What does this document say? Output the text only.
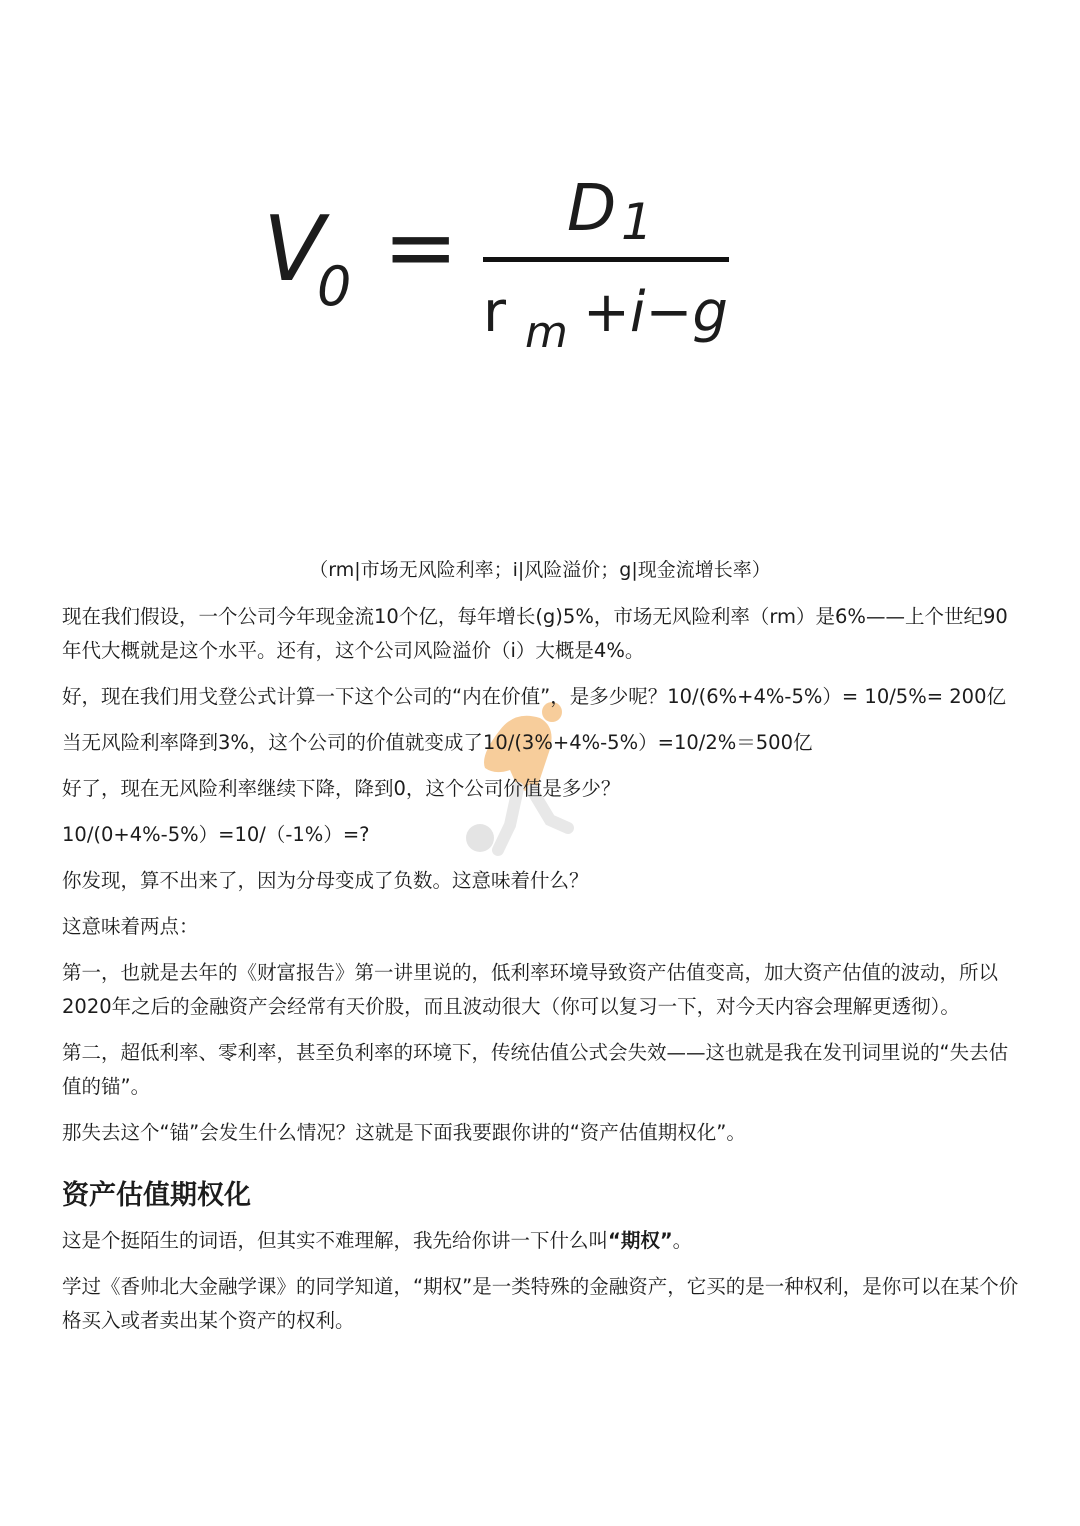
V
0 = D 1
r m +i−g
（rm|市场无风险利率；i|风险溢价；g|现金流增长率）

现在我们假设，一个公司今年现金流10个亿，每年增长(g)5%，市场无风险利率（rm）是6%——上个世纪90年代大概就是这个水平。还有，这个公司风险溢价（i）大概是4%。

好，现在我们用戈登公式计算一下这个公司的“内在价值”，是多少呢？10/(6%+4%-5%）= 10/5%= 200亿

当无风险利率降到3%，这个公司的价值就变成了10/(3%+4%-5%）=10/2%＝500亿

好了，现在无风险利率继续下降，降到0，这个公司价值是多少？

10/(0+4%-5%）=10/（-1%）=?

你发现，算不出来了，因为分母变成了负数。这意味着什么？

这意味着两点：

第一，也就是去年的《财富报告》第一讲里说的，低利率环境导致资产估值变高，加大资产估值的波动，所以2020年之后的金融资产会经常有天价股，而且波动很大（你可以复习一下，对今天内容会理解更透彻）。

第二，超低利率、零利率，甚至负利率的环境下，传统估值公式会失效——这也就是我在发刊词里说的“失去估值的锚”。

那失去这个“锚”会发生什么情况？这就是下面我要跟你讲的“资产估值期权化”。

资产估值期权化

这是个挺陌生的词语，但其实不难理解，我先给你讲一下什么叫“期权”。

学过《香帅北大金融学课》的同学知道，“期权”是一类特殊的金融资产，它买的是一种权利，是你可以在某个价格买入或者卖出某个资产的权利。
